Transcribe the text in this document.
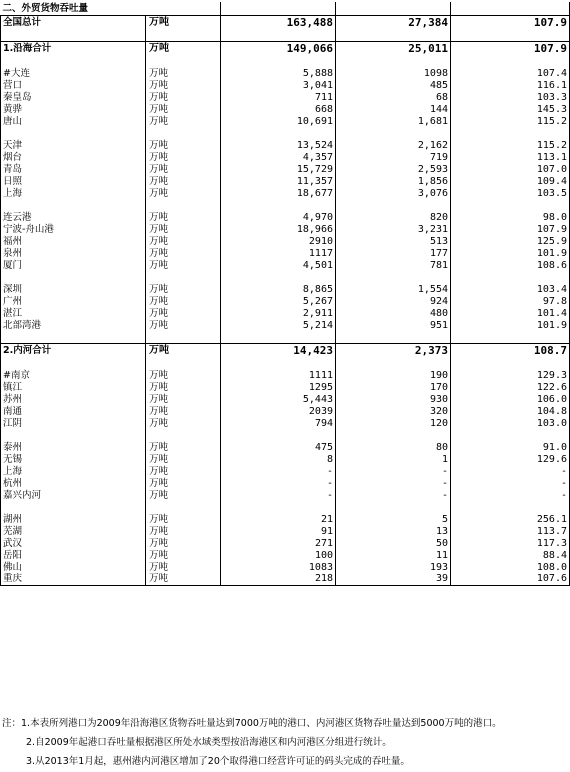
二、外贸货物吞吐量				
全国总计	万吨	163,488	27,384	107.9

1.沿海合计	万吨	149,066	25,011	107.9

#大连	万吨	5,888	1098	107.4
营口	万吨	3,041	485	116.1
秦皇岛	万吨	711	68	103.3
黄骅	万吨	668	144	145.3
唐山	万吨	10,691	1,681	115.2

天津	万吨	13,524	2,162	115.2
烟台	万吨	4,357	719	113.1
青岛	万吨	15,729	2,593	107.0
日照	万吨	11,357	1,856	109.4
上海	万吨	18,677	3,076	103.5

连云港	万吨	4,970	820	98.0
宁波-舟山港	万吨	18,966	3,231	107.9
福州	万吨	2910	513	125.9
泉州	万吨	1117	177	101.9
厦门	万吨	4,501	781	108.6

深圳	万吨	8,865	1,554	103.4
广州	万吨	5,267	924	97.8
湛江	万吨	2,911	480	101.4
北部湾港	万吨	5,214	951	101.9

2.内河合计	万吨	14,423	2,373	108.7

#南京	万吨	1111	190	129.3
镇江	万吨	1295	170	122.6
苏州	万吨	5,443	930	106.0
南通	万吨	2039	320	104.8
江阴	万吨	794	120	103.0

泰州	万吨	475	80	91.0
无锡	万吨	8	1	129.6
上海	万吨	-	-	-
杭州	万吨	-	-	-
嘉兴内河	万吨	-	-	-

湖州	万吨	21	5	256.1
芜湖	万吨	91	13	113.7
武汉	万吨	271	50	117.3
岳阳	万吨	100	11	88.4
佛山	万吨	1083	193	108.0
重庆	万吨	218	39	107.6
注：1.本表所列港口为2009年沿海港区货物吞吐量达到7000万吨的港口、内河港区货物吞吐量达到5000万吨的港口。
2.自2009年起港口吞吐量根据港区所处水域类型按沿海港区和内河港区分组进行统计。
3.从2013年1月起，惠州港内河港区增加了20个取得港口经营许可证的码头完成的吞吐量。
